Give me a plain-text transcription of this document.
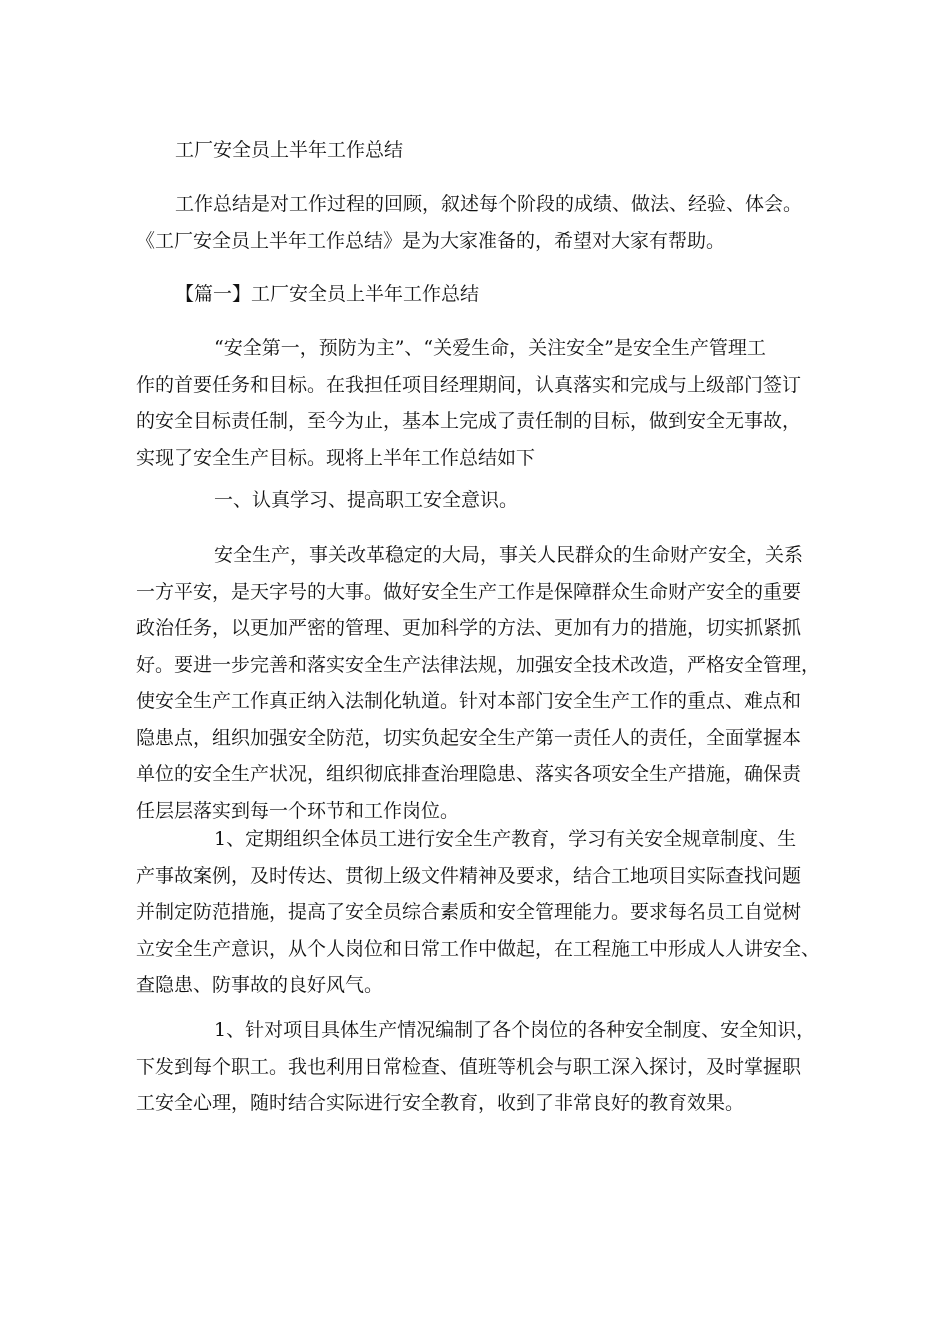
工厂安全员上半年工作总结

工作总结是对工作过程的回顾，叙述每个阶段的成绩、做法、经验、体会。
《工厂安全员上半年工作总结》是为大家准备的，希望对大家有帮助。

【篇一】工厂安全员上半年工作总结

“安全第一，预防为主”、“关爱生命，关注安全”是安全生产管理工
作的首要任务和目标。在我担任项目经理期间，认真落实和完成与上级部门签订
的安全目标责任制，至今为止，基本上完成了责任制的目标，做到安全无事故，
实现了安全生产目标。现将上半年工作总结如下

一、认真学习、提高职工安全意识。

安全生产，事关改革稳定的大局，事关人民群众的生命财产安全，关系
一方平安，是天字号的大事。做好安全生产工作是保障群众生命财产安全的重要
政治任务，以更加严密的管理、更加科学的方法、更加有力的措施，切实抓紧抓
好。要进一步完善和落实安全生产法律法规，加强安全技术改造，严格安全管理，
使安全生产工作真正纳入法制化轨道。针对本部门安全生产工作的重点、难点和
隐患点，组织加强安全防范，切实负起安全生产第一责任人的责任，全面掌握本
单位的安全生产状况，组织彻底排查治理隐患、落实各项安全生产措施，确保责
任层层落实到每一个环节和工作岗位。
1、定期组织全体员工进行安全生产教育，学习有关安全规章制度、生
产事故案例，及时传达、贯彻上级文件精神及要求，结合工地项目实际查找问题
并制定防范措施，提高了安全员综合素质和安全管理能力。要求每名员工自觉树
立安全生产意识，从个人岗位和日常工作中做起，在工程施工中形成人人讲安全、
查隐患、防事故的良好风气。
1、针对项目具体生产情况编制了各个岗位的各种安全制度、安全知识，
下发到每个职工。我也利用日常检查、值班等机会与职工深入探讨，及时掌握职
工安全心理，随时结合实际进行安全教育，收到了非常良好的教育效果。
